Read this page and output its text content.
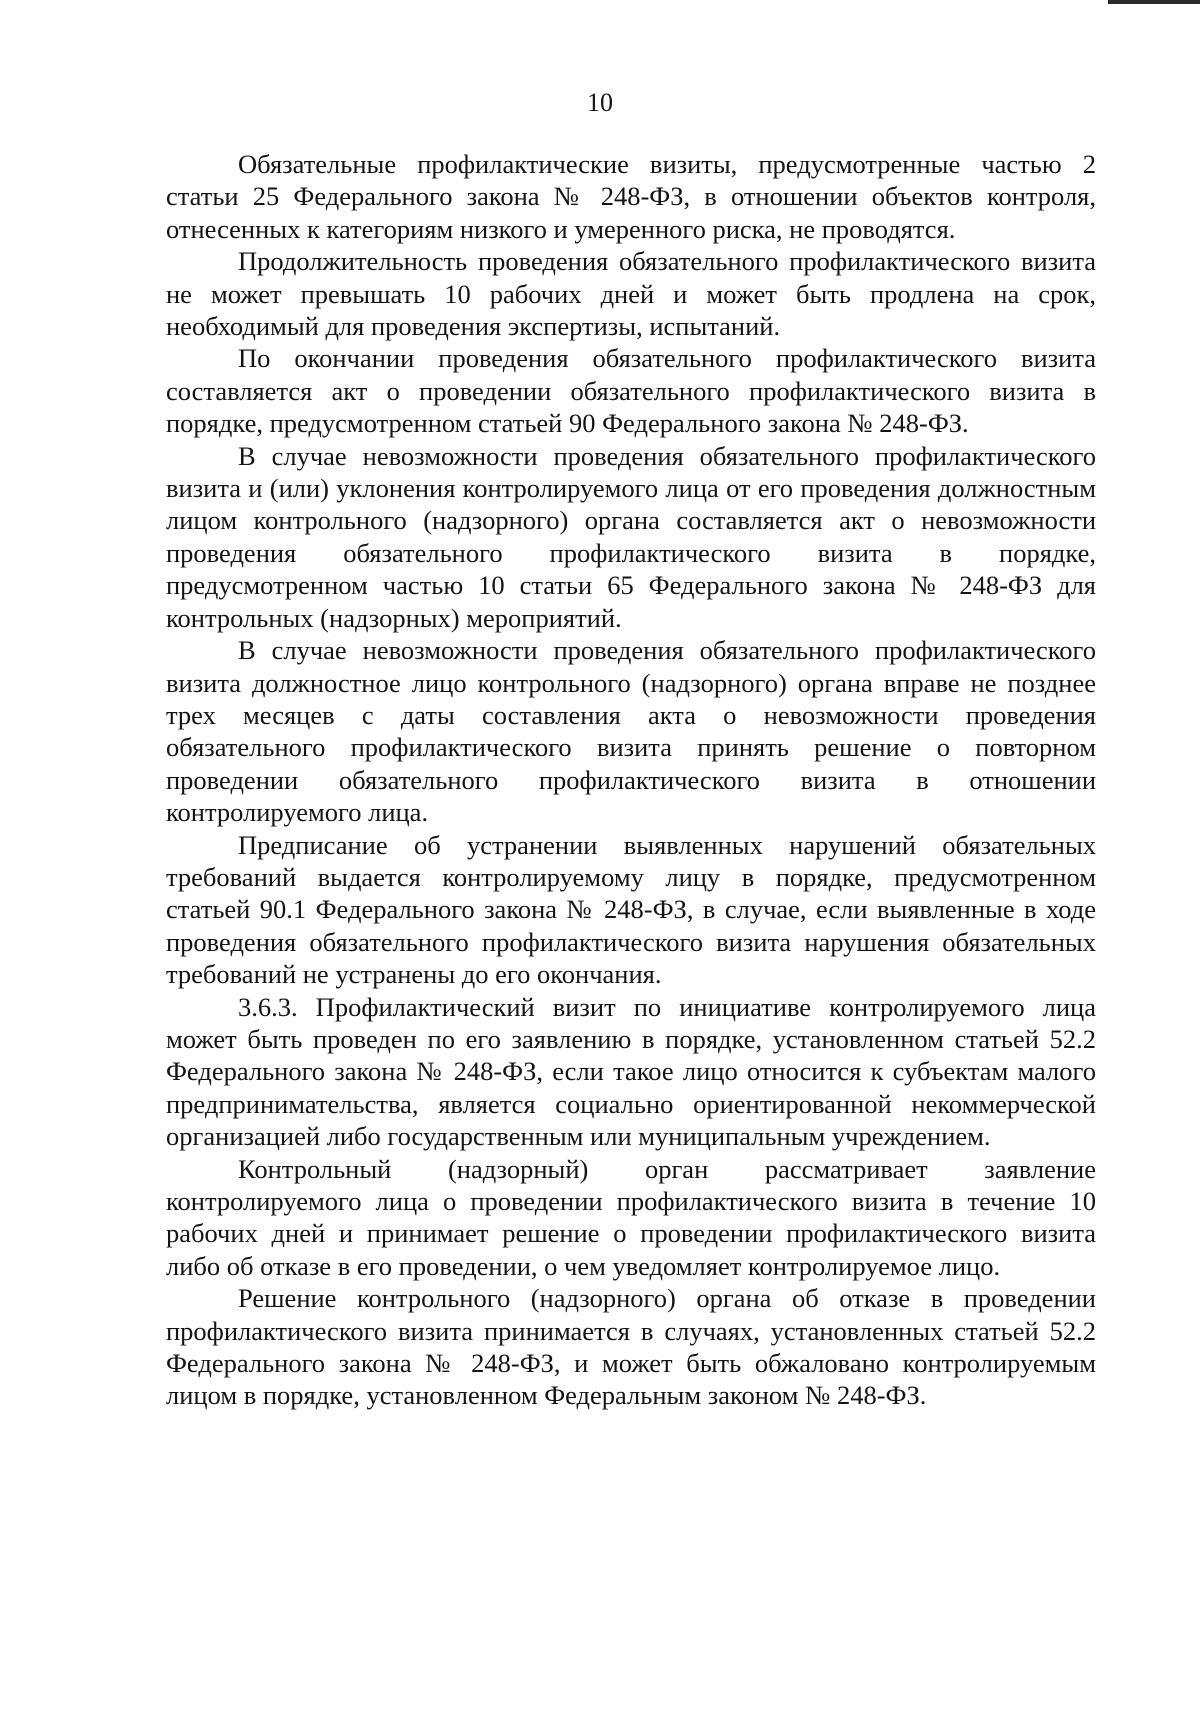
10

Обязательные профилактические визиты, предусмотренные частью 2 статьи 25 Федерального закона № 248-ФЗ, в отношении объектов контроля, отнесенных к категориям низкого и умеренного риска, не проводятся.

Продолжительность проведения обязательного профилактического визита не может превышать 10 рабочих дней и может быть продлена на срок, необходимый для проведения экспертизы, испытаний.

По окончании проведения обязательного профилактического визита составляется акт о проведении обязательного профилактического визита в порядке, предусмотренном статьей 90 Федерального закона № 248-ФЗ.

В случае невозможности проведения обязательного профилактического визита и (или) уклонения контролируемого лица от его проведения должностным лицом контрольного (надзорного) органа составляется акт о невозможности проведения обязательного профилактического визита в порядке, предусмотренном частью 10 статьи 65 Федерального закона № 248-ФЗ для контрольных (надзорных) мероприятий.

В случае невозможности проведения обязательного профилактического визита должностное лицо контрольного (надзорного) органа вправе не позднее трех месяцев с даты составления акта о невозможности проведения обязательного профилактического визита принять решение о повторном проведении обязательного профилактического визита в отношении контролируемого лица.

Предписание об устранении выявленных нарушений обязательных требований выдается контролируемому лицу в порядке, предусмотренном статьей 90.1 Федерального закона № 248-ФЗ, в случае, если выявленные в ходе проведения обязательного профилактического визита нарушения обязательных требований не устранены до его окончания.

3.6.3. Профилактический визит по инициативе контролируемого лица может быть проведен по его заявлению в порядке, установленном статьей 52.2 Федерального закона № 248-ФЗ, если такое лицо относится к субъектам малого предпринимательства, является социально ориентированной некоммерческой организацией либо государственным или муниципальным учреждением.

Контрольный (надзорный) орган рассматривает заявление контролируемого лица о проведении профилактического визита в течение 10 рабочих дней и принимает решение о проведении профилактического визита либо об отказе в его проведении, о чем уведомляет контролируемое лицо.

Решение контрольного (надзорного) органа об отказе в проведении профилактического визита принимается в случаях, установленных статьей 52.2 Федерального закона № 248-ФЗ, и может быть обжаловано контролируемым лицом в порядке, установленном Федеральным законом № 248-ФЗ.
